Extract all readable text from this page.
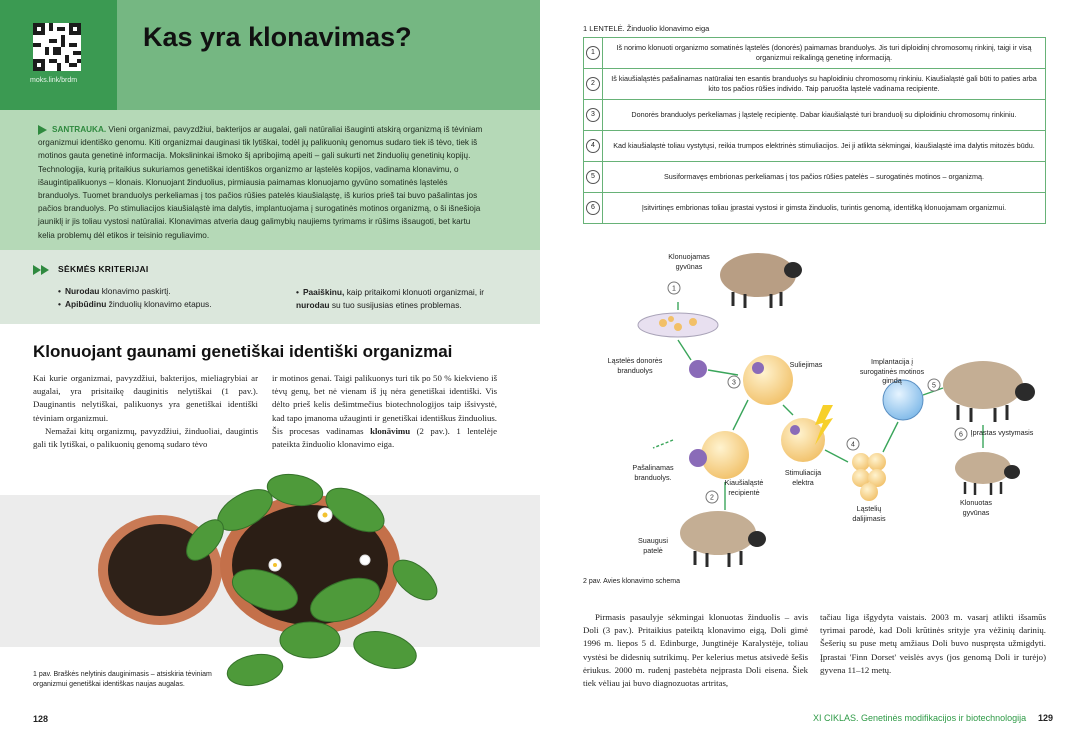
moks.link/brdm
Kas yra klonavimas?
SANTRAUKA. Vieni organizmai, pavyzdžiui, bakterijos ar augalai, gali natūraliai išauginti atskirą organizmą iš tėviniam organizmui identiško genomu. Kiti organizmai dauginasi tik lytiškai, todėl jų palikuonių genomus sudaro tiek iš tėvo, tiek iš motinos gauta genetinė informacija. Mokslininkai išmoko šį apribojimą apeiti – gali sukurti net žinduolių genetinių kopijų. Technologija, kurią pritaikius sukuriamos genetiškai identiškos organizmo ar ląstelės kopijos, vadinama klonavimu, o išaugintipalikuonys – klonais. Klonuojant žinduolius, pirmiausia paimamas klonuojamo gyvūno somatinės ląstelės branduolys. Tuomet branduolys perkeliamas į tos pačios rūšies patelės kiaušialąstę, iš kurios prieš tai buvo pašalintas jos pačios branduolys. Po stimuliacijos kiaušialąstė ima dalytis, implantuojama į surogatinės motinos organizmą, o ši išnešioja jauniklį ir jis toliau vystosi natūraliai. Klonavimas atveria daug galimybių naujiems tyrimams ir rūšims išsaugoti, bet kartu kelia problemų dėl etikos ir teisinio reguliavimo.
SĖKMĖS KRITERIJAI
• Nurodau klonavimo paskirtį.
• Apibūdinu žinduolių klonavimo etapus.
• Paaiškinu, kaip pritaikomi klonuoti organizmai, ir nurodau su tuo susijusias etines problemas.
Klonuojant gaunami genetiškai identiški organizmai
Kai kurie organizmai, pavyzdžiui, bakterijos, mieliagrybiai ar augalai, yra prisitaikę dauginitis nelytiškai (1 pav.). Dauginantis nelytiškai, palikuonys yra genetiškai identiški tėviniam organizmui.
Nemažai kitų organizmų, pavyzdžiui, žinduoliai, daugintis gali tik lytiškai, o palikuonių genomą sudaro tėvo
ir motinos genai. Taigi palikuonys turi tik po 50 % kiekvieno iš tėvų genų, bet nė vienam iš jų nėra genetiškai identiški. Vis dėlto prieš kelis dešimtmečius biotechnologijos taip išsivystė, kad tapo įmanoma užauginti ir genetiškai identiškus žinduolius. Šis procesas vadinamas klonāvimu (2 pav.). 1 lentelėje pateikta žinduolio klonavimo eiga.
1 pav. Braškės nelytinis dauginimasis – atsiskiria tėviniam organizmui genetiškai identiškas naujas augalas.
128
1 LENTELĖ. Žinduolio klonavimo eiga
1	Iš norimo klonuoti organizmo somatinės ląstelės (donorės) paimamas branduolys. Jis turi diploidinį chromosomų rinkinį, taigi ir visą organizmui reikalingą genetinę informaciją.
2	Iš kiaušialąstės pašalinamas natūraliai ten esantis branduolys su haploidiniu chromosomų rinkiniu. Kiaušialąstė gali būti to paties arba kito tos pačios rūšies individo. Taip paruošta ląstelė vadinama recipiente.
3	Donorės branduolys perkeliamas į ląstelę recipientę. Dabar kiaušialąstė turi branduolį su diploidiniu chromosomų rinkiniu.
4	Kad kiaušialąstė toliau vystytųsi, reikia trumpos elektrinės stimuliacijos. Jei ji atlikta sėkmingai, kiaušialąstė ima dalytis mitozės būdu.
5	Susiformavęs embrionas perkeliamas į tos pačios rūšies patelės – surogatinės motinos – organizmą.
6	Įsitvirtinęs embrionas toliau įprastai vystosi ir gimsta žinduolis, turintis genomą, identišką klonuojamam organizmui.
1
2
3
4
5
6
Klonuojamas gyvūnas
Ląstelės donorės branduolys
Suliejimas	Implantacija į surogatinės motinos gimdą
Įprastas vystymasis
Pašalinamas branduolys.
Kiaušialąstė recipientė
Stimuliacija elektra
Ląstelių dalijimasis
Klonuotas gyvūnas
Suaugusi patelė
2 pav. Avies klonavimo schema
Pirmasis pasaulyje sėkmingai klonuotas žinduolis – avis Doli (3 pav.). Pritaikius pateiktą klonavimo eigą, Doli gimė 1996 m. liepos 5 d. Edinburge, Jungtinėje Karalystėje, toliau vystėsi be didesnių sutrikimų. Per kelerius metus atsivedė šešis ėriukus. 2000 m. rudenį pastebėta nejprasta Doli eisena. Šiek tiek vėliau jai buvo diagnozuotas artritas,
tačiau liga išgydyta vaistais. 2003 m. vasarį atlikti išsamūs tyrimai parodė, kad Doli krūtinės srityje yra vėžinių darinių. Šešerių su puse metų amžiaus Doli buvo nuspręsta užmigdyti. Įprastai 'Finn Dorset' veislės avys (jos genomą Doli ir turėjo) gyvena 11–12 metų.
XI CIKLAS. Genetinės modifikacijos ir biotechnologija 129
